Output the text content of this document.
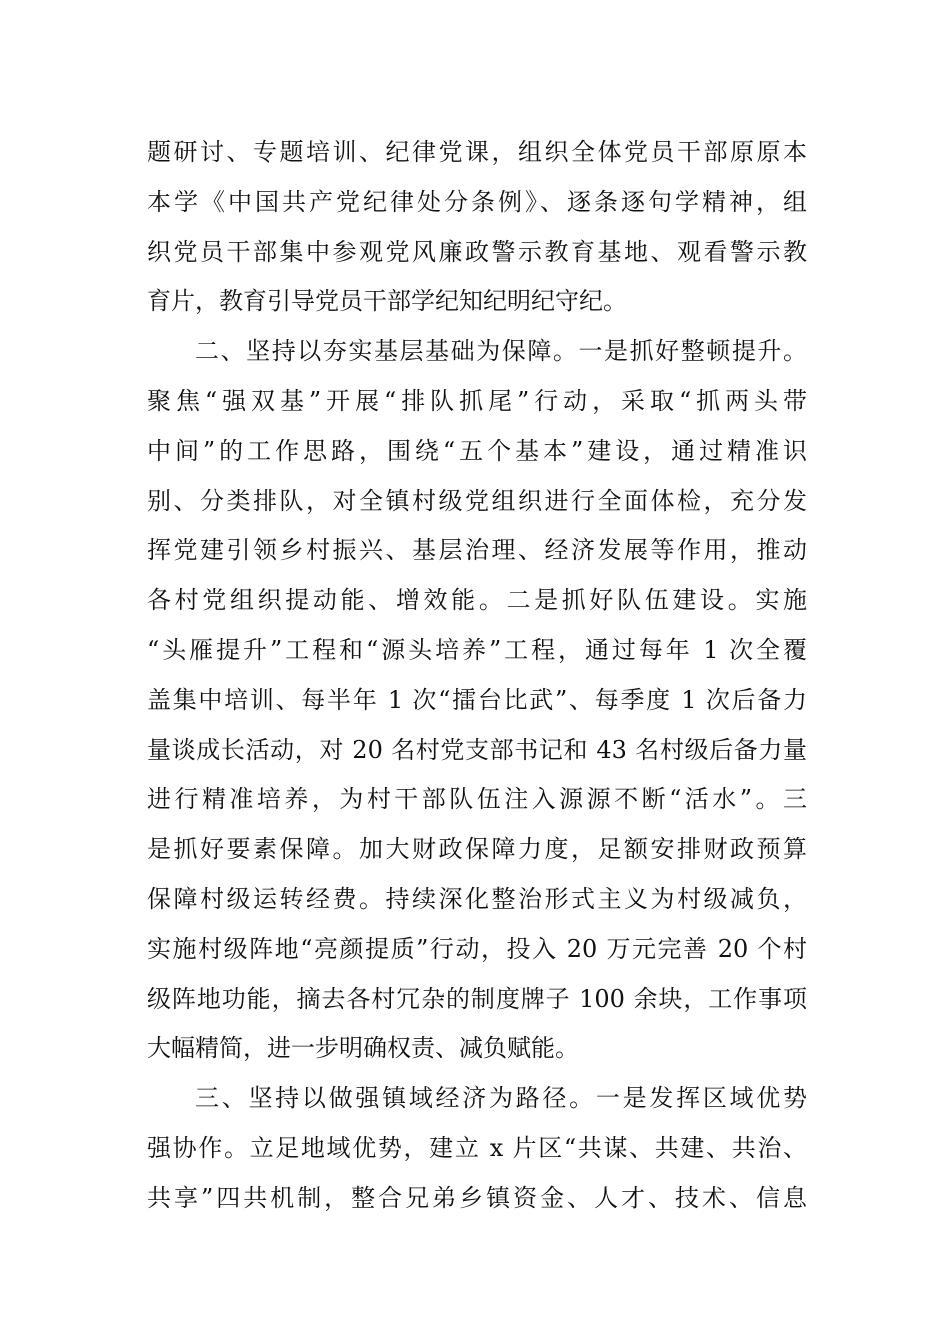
题研讨、专题培训、纪律党课，组织全体党员干部原原本
本学《中国共产党纪律处分条例》、逐条逐句学精神，组
织党员干部集中参观党风廉政警示教育基地、观看警示教
育片，教育引导党员干部学纪知纪明纪守纪。
二、坚持以夯实基层基础为保障。一是抓好整顿提升。
聚焦“强双基”开展“排队抓尾”行动，采取“抓两头带
中间”的工作思路，围绕“五个基本”建设，通过精准识
别、分类排队，对全镇村级党组织进行全面体检，充分发
挥党建引领乡村振兴、基层治理、经济发展等作用，推动
各村党组织提动能、增效能。二是抓好队伍建设。实施
“头雁提升”工程和“源头培养”工程，通过每年 1 次全覆
盖集中培训、每半年 1 次“擂台比武”、每季度 1 次后备力
量谈成长活动，对 20 名村党支部书记和 43 名村级后备力量
进行精准培养，为村干部队伍注入源源不断“活水”。三
是抓好要素保障。加大财政保障力度，足额安排财政预算
保障村级运转经费。持续深化整治形式主义为村级减负，
实施村级阵地“亮颜提质”行动，投入 20 万元完善 20 个村
级阵地功能，摘去各村冗杂的制度牌子 100 余块，工作事项
大幅精简，进一步明确权责、减负赋能。
三、坚持以做强镇域经济为路径。一是发挥区域优势
强协作。立足地域优势，建立 x 片区“共谋、共建、共治、
共享”四共机制，整合兄弟乡镇资金、人才、技术、信息
